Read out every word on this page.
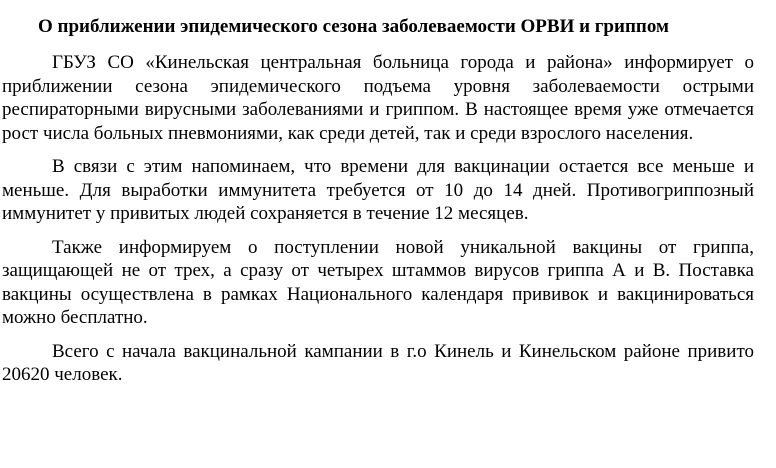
О приближении эпидемического сезона заболеваемости ОРВИ и гриппом

ГБУЗ СО «Кинельская центральная больница города и района» информирует о приближении сезона эпидемического подъема уровня заболеваемости острыми респираторными вирусными заболеваниями и гриппом. В настоящее время уже отмечается рост числа больных пневмониями, как среди детей, так и среди взрослого населения.

В связи с этим напоминаем, что времени для вакцинации остается все меньше и меньше. Для выработки иммунитета требуется от 10 до 14 дней. Противогриппозный иммунитет у привитых людей сохраняется в течение 12 месяцев.

Также информируем о поступлении новой уникальной вакцины от гриппа, защищающей не от трех, а сразу от четырех штаммов вирусов гриппа А и В. Поставка вакцины осуществлена в рамках Национального календаря прививок и вакцинироваться можно бесплатно.

Всего с начала вакцинальной кампании в г.о Кинель и Кинельском районе привито 20620 человек.
